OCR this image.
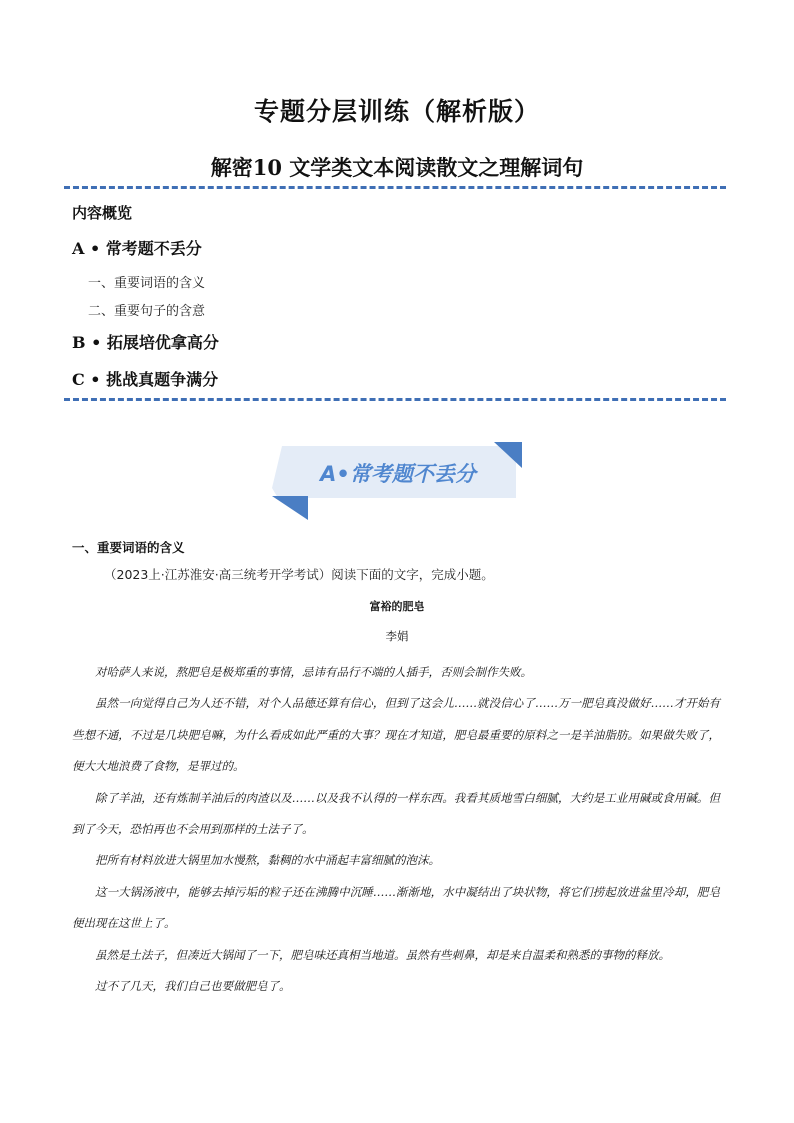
专题分层训练（解析版）
解密10 文学类文本阅读散文之理解词句
内容概览
A • 常考题不丢分
一、重要词语的含义
二、重要句子的含意
B • 拓展培优拿高分
C • 挑战真题争满分
A•常考题不丢分
一、重要词语的含义
（2023上·江苏淮安·高三统考开学考试）阅读下面的文字，完成小题。
富裕的肥皂
李娟

对哈萨人来说，熬肥皂是极郑重的事情，忌讳有品行不端的人插手，否则会制作失败。

虽然一向觉得自己为人还不错，对个人品德还算有信心，但到了这会儿……就没信心了……万一肥皂真没做好……才开始有些想不通，不过是几块肥皂嘛，为什么看成如此严重的大事？现在才知道，肥皂最重要的原料之一是羊油脂肪。如果做失败了，便大大地浪费了食物，是罪过的。

除了羊油，还有炼制羊油后的肉渣以及……以及我不认得的一样东西。我看其质地雪白细腻，大约是工业用碱或食用碱。但到了今天，恐怕再也不会用到那样的土法子了。

把所有材料放进大锅里加水慢熬，黏稠的水中涌起丰富细腻的泡沫。

这一大锅汤液中，能够去掉污垢的粒子还在沸腾中沉睡……渐渐地，水中凝结出了块状物，将它们捞起放进盆里冷却，肥皂便出现在这世上了。

虽然是土法子，但凑近大锅闻了一下，肥皂味还真相当地道。虽然有些刺鼻，却是来自温柔和熟悉的事物的释放。

过不了几天，我们自己也要做肥皂了。
